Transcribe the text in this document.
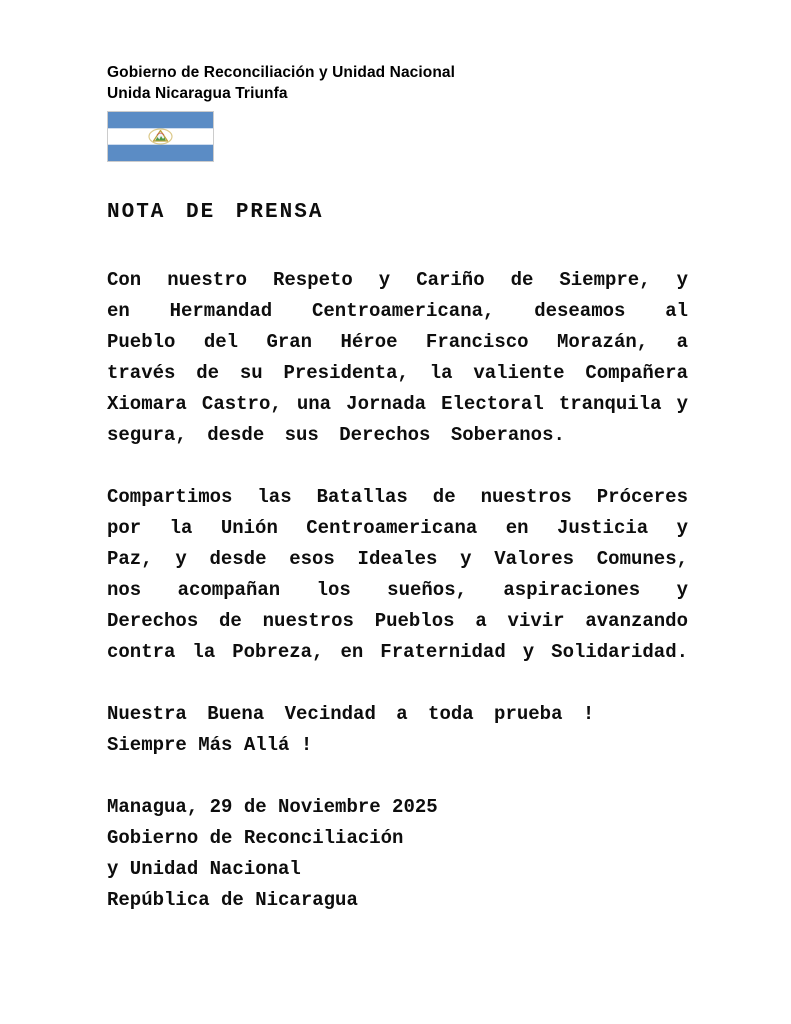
Gobierno de Reconciliación y Unidad Nacional
Unida Nicaragua Triunfa
NOTA DE PRENSA

Con nuestro Respeto y Cariño de Siempre, y
en Hermandad Centroamericana, deseamos al
Pueblo del Gran Héroe Francisco Morazán, a
través de su Presidenta, la valiente Compañera
Xiomara Castro, una Jornada Electoral tranquila y
segura, desde sus Derechos Soberanos.

Compartimos las Batallas de nuestros Próceres
por la Unión Centroamericana en Justicia y
Paz, y desde esos Ideales y Valores Comunes,
nos acompañan los sueños, aspiraciones y
Derechos de nuestros Pueblos a vivir avanzando
contra la Pobreza, en Fraternidad y Solidaridad.

Nuestra Buena Vecindad a toda prueba !
Siempre Más Allá !

Managua, 29 de Noviembre 2025
Gobierno de Reconciliación
y Unidad Nacional
República de Nicaragua
